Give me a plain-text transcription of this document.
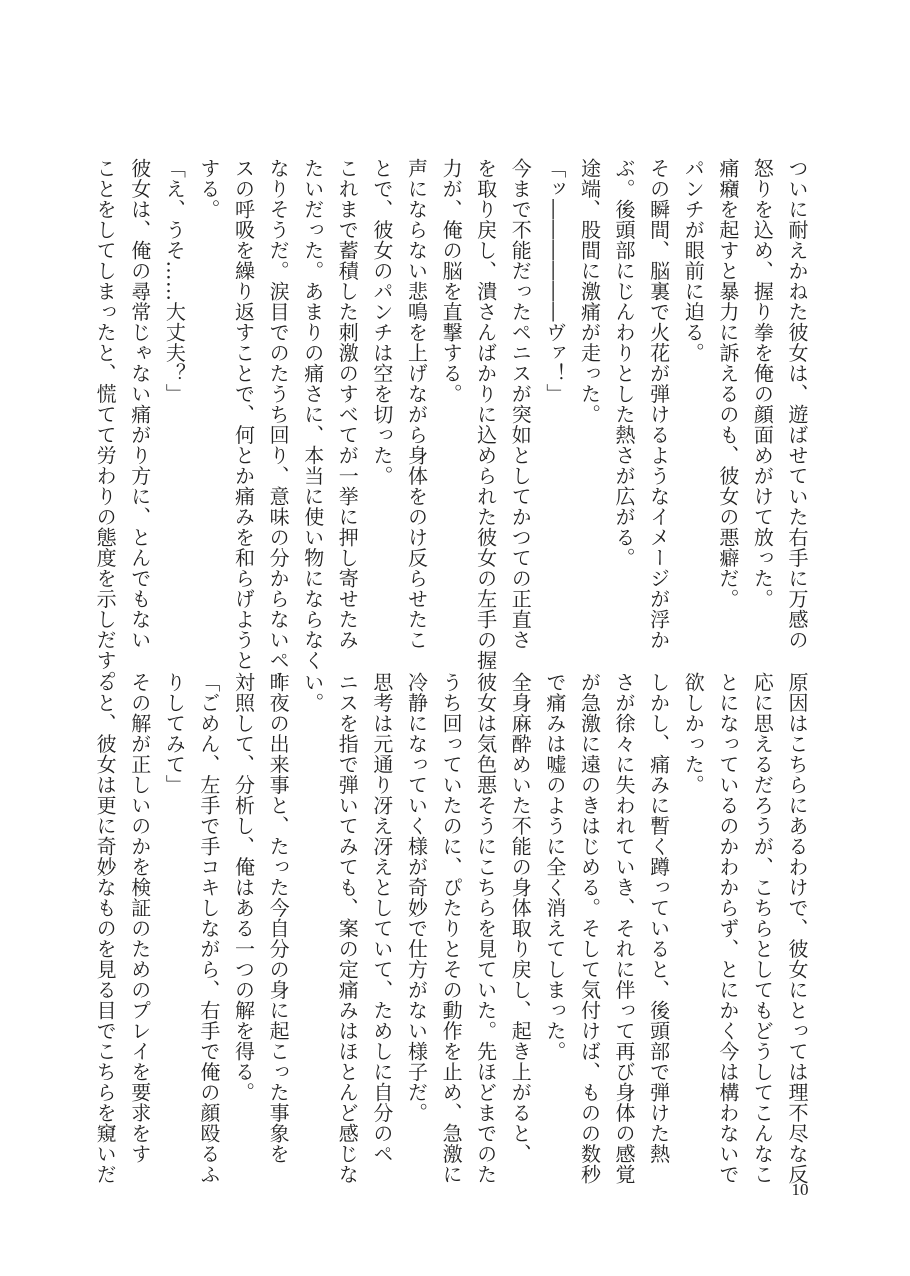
ついに耐えかねた彼女は、遊ばせていた右手に万感の
怒りを込め、握り拳を俺の顔面めがけて放った。
痛癪を起すと暴力に訴えるのも、彼女の悪癖だ。
パンチが眼前に迫る。
その瞬間、脳裏で火花が弾けるようなイメージが浮か
ぶ。後頭部にじんわりとした熱さが広がる。
途端、股間に激痛が走った。
「ッ――――――ヴァ！」
今まで不能だったペニスが突如としてかつての正直さ
を取り戻し、潰さんばかりに込められた彼女の左手の握
力が、俺の脳を直撃する。
声にならない悲鳴を上げながら身体をのけ反らせたこ
とで、彼女のパンチは空を切った。
これまで蓄積した刺激のすべてが一挙に押し寄せたみ
たいだった。あまりの痛さに、本当に使い物にならなく
なりそうだ。涙目でのたうち回り、意味の分からないペー
スの呼吸を繰り返すことで、何とか痛みを和らげようと
する。
「え、うそ……大丈夫？」
彼女は、俺の尋常じゃない痛がり方に、とんでもない
ことをしてしまったと、慌てて労わりの態度を示しだす。
原因はこちらにあるわけで、彼女にとっては理不尽な反
応に思えるだろうが、こちらとしてもどうしてこんなこ
とになっているのかわからず、とにかく今は構わないで
欲しかった。
しかし、痛みに暫く蹲っていると、後頭部で弾けた熱
さが徐々に失われていき、それに伴って再び身体の感覚
が急激に遠のきはじめる。そして気付けば、ものの数秒
で痛みは嘘のように全く消えてしまった。
全身麻酔めいた不能の身体取り戻し、起き上がると、
彼女は気色悪そうにこちらを見ていた。先ほどまでのた
うち回っていたのに、ぴたりとその動作を止め、急激に
冷静になっていく様が奇妙で仕方がない様子だ。
思考は元通り冴え冴えとしていて、ためしに自分のペ
ニスを指で弾いてみても、案の定痛みはほとんど感じな
い。
昨夜の出来事と、たった今自分の身に起こった事象を
対照して、分析し、俺はある一つの解を得る。
「ごめん、左手で手コキしながら、右手で俺の顔殴るふ
りしてみて」
その解が正しいのかを検証のためのプレイを要求をす
ると、彼女は更に奇妙なものを見る目でこちらを窺いだ
10
